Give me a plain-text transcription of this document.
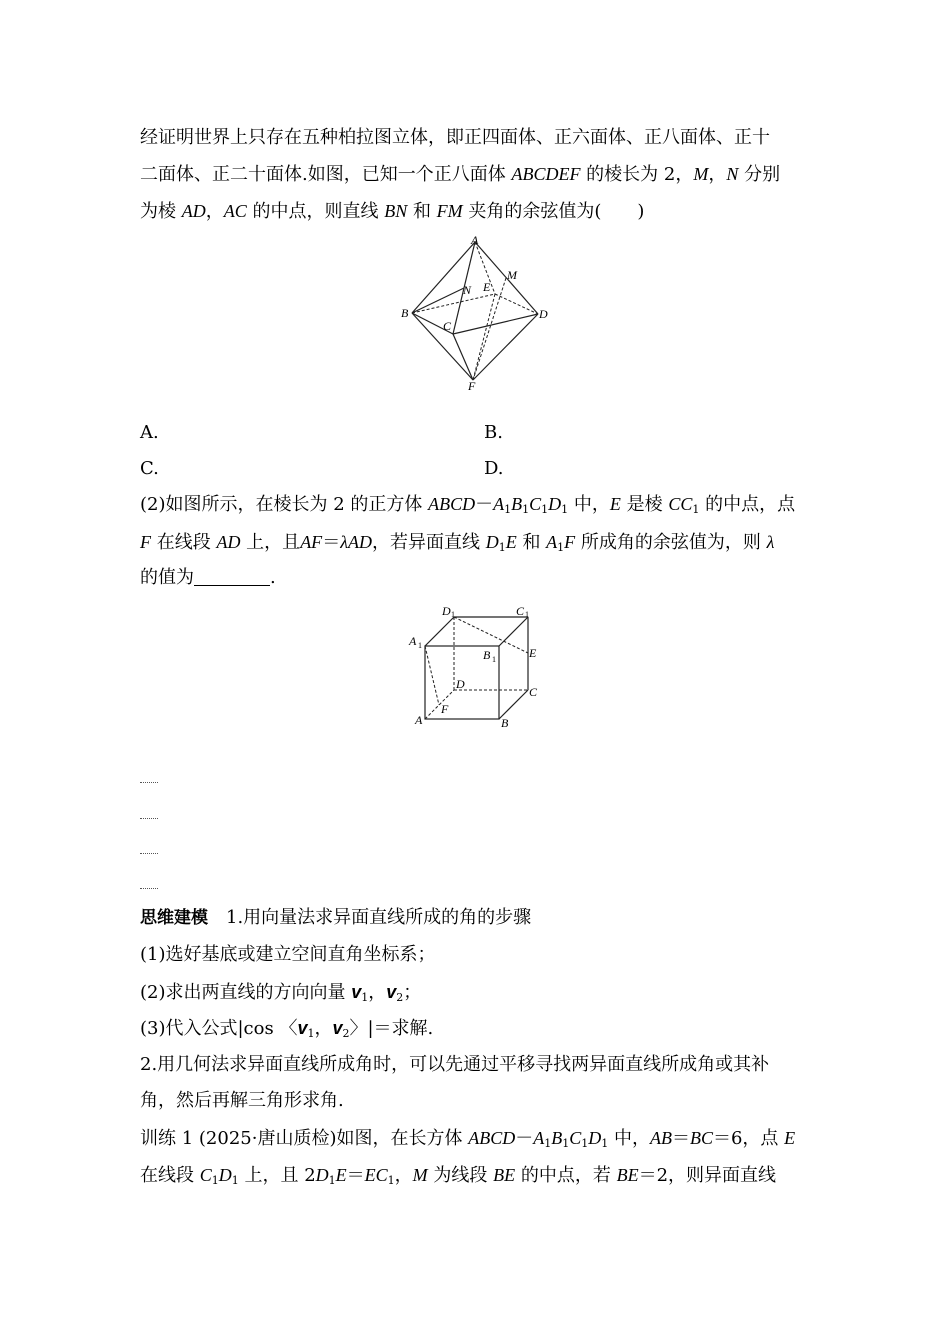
经证明世界上只存在五种柏拉图立体，即正四面体、正六面体、正八面体、正十
二面体、正二十面体.如图，已知一个正八面体 ABCDEF 的棱长为 2，M，N 分别
为棱 AD，AC 的中点，则直线 BN 和 FM 夹角的余弦值为(　　)
A
M
N E
B	D
C
F
A.	B.
C.	D.
(2)如图所示，在棱长为 2 的正方体 $ABCD-A_1B_1C_1D_1$ 中，E 是棱 $CC_1$ 的中点，点
F 在线段 AD 上，且AF＝λAD，若异面直线 $D_1E$ 和 $A_1F$ 所成角的余弦值为，则 λ
的值为	.
D 1	C 1
A 1
B 1	E
D
C
F
A	B
思维建模　 1.用向量法求异面直线所成的角的步骤
(1)选好基底或建立空间直角坐标系；
(2)求出两直线的方向向量 $v_1$，$v_2$；
(3)代入公式|cos 〈$v_1$，$v_2$〉|＝求解.
2.用几何法求异面直线所成角时，可以先通过平移寻找两异面直线所成角或其补
角，然后再解三角形求角.
训练 1 (2025·唐山质检)如图，在长方体 $ABCD-A_1B_1C_1D_1$ 中，AB＝BC＝6，点 E
在线段 $C_1D_1$ 上，且 $2D_1E=EC_1$，M 为线段 BE 的中点，若 BE＝2，则异面直线
